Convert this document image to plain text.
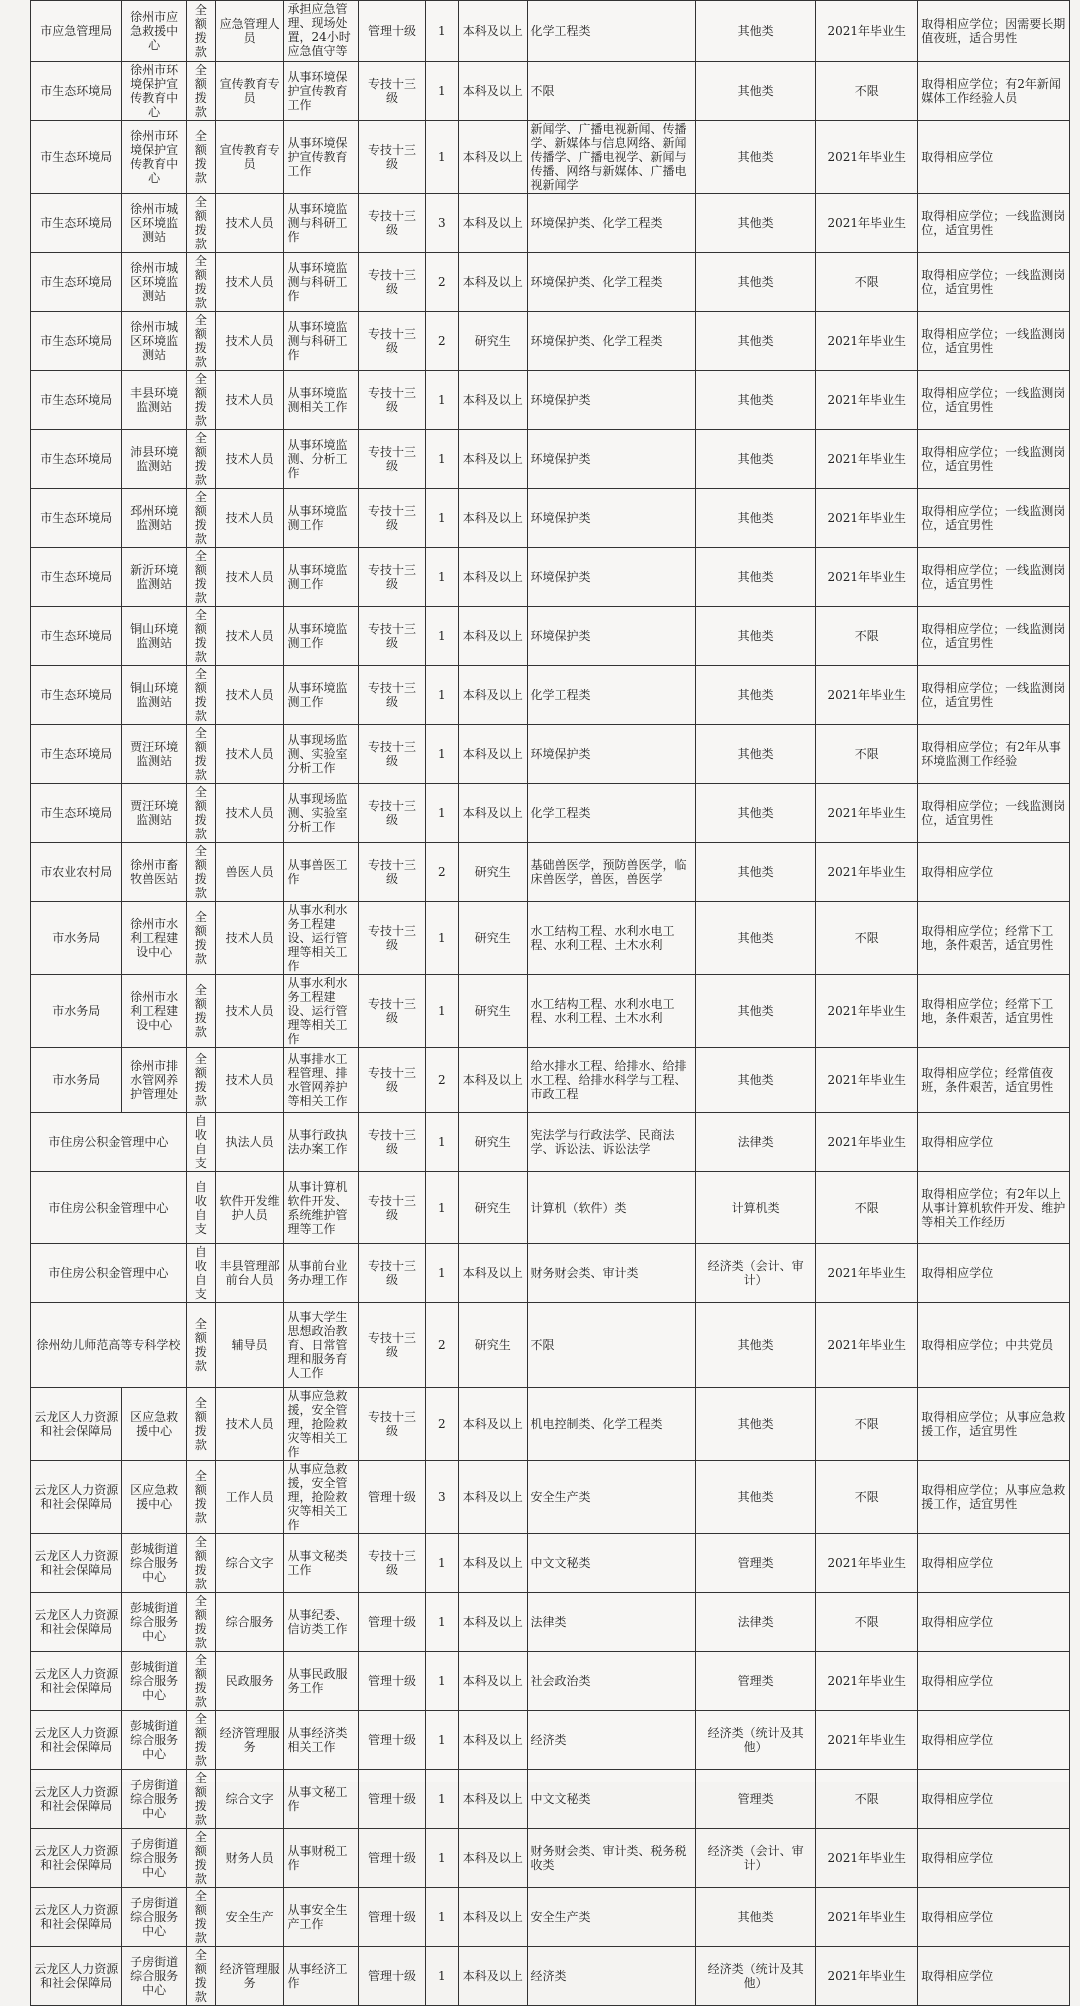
市应急管理局	徐州市应急救援中心	全额拨款	应急管理人员	承担应急管理、现场处置，24小时应急值守等	管理十级	1	本科及以上	化学工程类	其他类	2021年毕业生	取得相应学位；因需要长期值夜班，适合男性
市生态环境局	徐州市环境保护宣传教育中心	全额拨款	宣传教育专员	从事环境保护宣传教育工作	专技十三级	1	本科及以上	不限	其他类	不限	取得相应学位；有2年新闻媒体工作经验人员
市生态环境局	徐州市环境保护宣传教育中心	全额拨款	宣传教育专员	从事环境保护宣传教育工作	专技十三级	1	本科及以上	新闻学、广播电视新闻、传播学、新媒体与信息网络、新闻传播学、广播电视学、新闻与传播、网络与新媒体、广播电视新闻学	其他类	2021年毕业生	取得相应学位
市生态环境局	徐州市城区环境监测站	全额拨款	技术人员	从事环境监测与科研工作	专技十三级	3	本科及以上	环境保护类、化学工程类	其他类	2021年毕业生	取得相应学位；一线监测岗位，适宜男性
市生态环境局	徐州市城区环境监测站	全额拨款	技术人员	从事环境监测与科研工作	专技十三级	2	本科及以上	环境保护类、化学工程类	其他类	不限	取得相应学位；一线监测岗位，适宜男性
市生态环境局	徐州市城区环境监测站	全额拨款	技术人员	从事环境监测与科研工作	专技十三级	2	研究生	环境保护类、化学工程类	其他类	2021年毕业生	取得相应学位；一线监测岗位，适宜男性
市生态环境局	丰县环境监测站	全额拨款	技术人员	从事环境监测相关工作	专技十三级	1	本科及以上	环境保护类	其他类	2021年毕业生	取得相应学位；一线监测岗位，适宜男性
市生态环境局	沛县环境监测站	全额拨款	技术人员	从事环境监测、分析工作	专技十三级	1	本科及以上	环境保护类	其他类	2021年毕业生	取得相应学位；一线监测岗位，适宜男性
市生态环境局	邳州环境监测站	全额拨款	技术人员	从事环境监测工作	专技十三级	1	本科及以上	环境保护类	其他类	2021年毕业生	取得相应学位；一线监测岗位，适宜男性
市生态环境局	新沂环境监测站	全额拨款	技术人员	从事环境监测工作	专技十三级	1	本科及以上	环境保护类	其他类	2021年毕业生	取得相应学位；一线监测岗位，适宜男性
市生态环境局	铜山环境监测站	全额拨款	技术人员	从事环境监测工作	专技十三级	1	本科及以上	环境保护类	其他类	不限	取得相应学位；一线监测岗位，适宜男性
市生态环境局	铜山环境监测站	全额拨款	技术人员	从事环境监测工作	专技十三级	1	本科及以上	化学工程类	其他类	2021年毕业生	取得相应学位；一线监测岗位，适宜男性
市生态环境局	贾汪环境监测站	全额拨款	技术人员	从事现场监测、实验室分析工作	专技十三级	1	本科及以上	环境保护类	其他类	不限	取得相应学位；有2年从事环境监测工作经验
市生态环境局	贾汪环境监测站	全额拨款	技术人员	从事现场监测、实验室分析工作	专技十三级	1	本科及以上	化学工程类	其他类	2021年毕业生	取得相应学位；一线监测岗位，适宜男性
市农业农村局	徐州市畜牧兽医站	全额拨款	兽医人员	从事兽医工作	专技十三级	2	研究生	基础兽医学，预防兽医学，临床兽医学，兽医，兽医学	其他类	2021年毕业生	取得相应学位
市水务局	徐州市水利工程建设中心	全额拨款	技术人员	从事水利水务工程建设、运行管理等相关工作	专技十三级	1	研究生	水工结构工程、水利水电工程、水利工程、土木水利	其他类	不限	取得相应学位；经常下工地，条件艰苦，适宜男性
市水务局	徐州市水利工程建设中心	全额拨款	技术人员	从事水利水务工程建设、运行管理等相关工作	专技十三级	1	研究生	水工结构工程、水利水电工程、水利工程、土木水利	其他类	2021年毕业生	取得相应学位；经常下工地，条件艰苦，适宜男性
市水务局	徐州市排水管网养护管理处	全额拨款	技术人员	从事排水工程管理、排水管网养护等相关工作	专技十三级	2	本科及以上	给水排水工程、给排水、给排水工程、给排水科学与工程、市政工程	其他类	2021年毕业生	取得相应学位；经常值夜班，条件艰苦，适宜男性
市住房公积金管理中心		自收自支	执法人员	从事行政执法办案工作	专技十三级	1	研究生	宪法学与行政法学、民商法学、诉讼法、诉讼法学	法律类	2021年毕业生	取得相应学位
市住房公积金管理中心		自收自支	软件开发维护人员	从事计算机软件开发、系统维护管理等工作	专技十三级	1	研究生	计算机（软件）类	计算机类	不限	取得相应学位；有2年以上从事计算机软件开发、维护等相关工作经历
市住房公积金管理中心		自收自支	丰县管理部前台人员	从事前台业务办理工作	专技十三级	1	本科及以上	财务财会类、审计类	经济类（会计、审计）	2021年毕业生	取得相应学位
徐州幼儿师范高等专科学校		全额拨款	辅导员	从事大学生思想政治教育、日常管理和服务育人工作	专技十三级	2	研究生	不限	其他类	2021年毕业生	取得相应学位；中共党员
云龙区人力资源和社会保障局	区应急救援中心	全额拨款	技术人员	从事应急救援，安全管理，抢险救灾等相关工作	专技十三级	2	本科及以上	机电控制类、化学工程类	其他类	不限	取得相应学位；从事应急救援工作，适宜男性
云龙区人力资源和社会保障局	区应急救援中心	全额拨款	工作人员	从事应急救援，安全管理，抢险救灾等相关工作	管理十级	3	本科及以上	安全生产类	其他类	不限	取得相应学位；从事应急救援工作，适宜男性
云龙区人力资源和社会保障局	彭城街道综合服务中心	全额拨款	综合文字	从事文秘类工作	专技十三级	1	本科及以上	中文文秘类	管理类	2021年毕业生	取得相应学位
云龙区人力资源和社会保障局	彭城街道综合服务中心	全额拨款	综合服务	从事纪委、信访类工作	管理十级	1	本科及以上	法律类	法律类	不限	取得相应学位
云龙区人力资源和社会保障局	彭城街道综合服务中心	全额拨款	民政服务	从事民政服务工作	管理十级	1	本科及以上	社会政治类	管理类	2021年毕业生	取得相应学位
云龙区人力资源和社会保障局	彭城街道综合服务中心	全额拨款	经济管理服务	从事经济类相关工作	管理十级	1	本科及以上	经济类	经济类（统计及其他）	2021年毕业生	取得相应学位
云龙区人力资源和社会保障局	子房街道综合服务中心	全额拨款	综合文字	从事文秘工作	管理十级	1	本科及以上	中文文秘类	管理类	不限	取得相应学位
云龙区人力资源和社会保障局	子房街道综合服务中心	全额拨款	财务人员	从事财税工作	管理十级	1	本科及以上	财务财会类、审计类、税务税收类	经济类（会计、审计）	2021年毕业生	取得相应学位
云龙区人力资源和社会保障局	子房街道综合服务中心	全额拨款	安全生产	从事安全生产工作	管理十级	1	本科及以上	安全生产类	其他类	2021年毕业生	取得相应学位
云龙区人力资源和社会保障局	子房街道综合服务中心	全额拨款	经济管理服务	从事经济工作	管理十级	1	本科及以上	经济类	经济类（统计及其他）	2021年毕业生	取得相应学位
